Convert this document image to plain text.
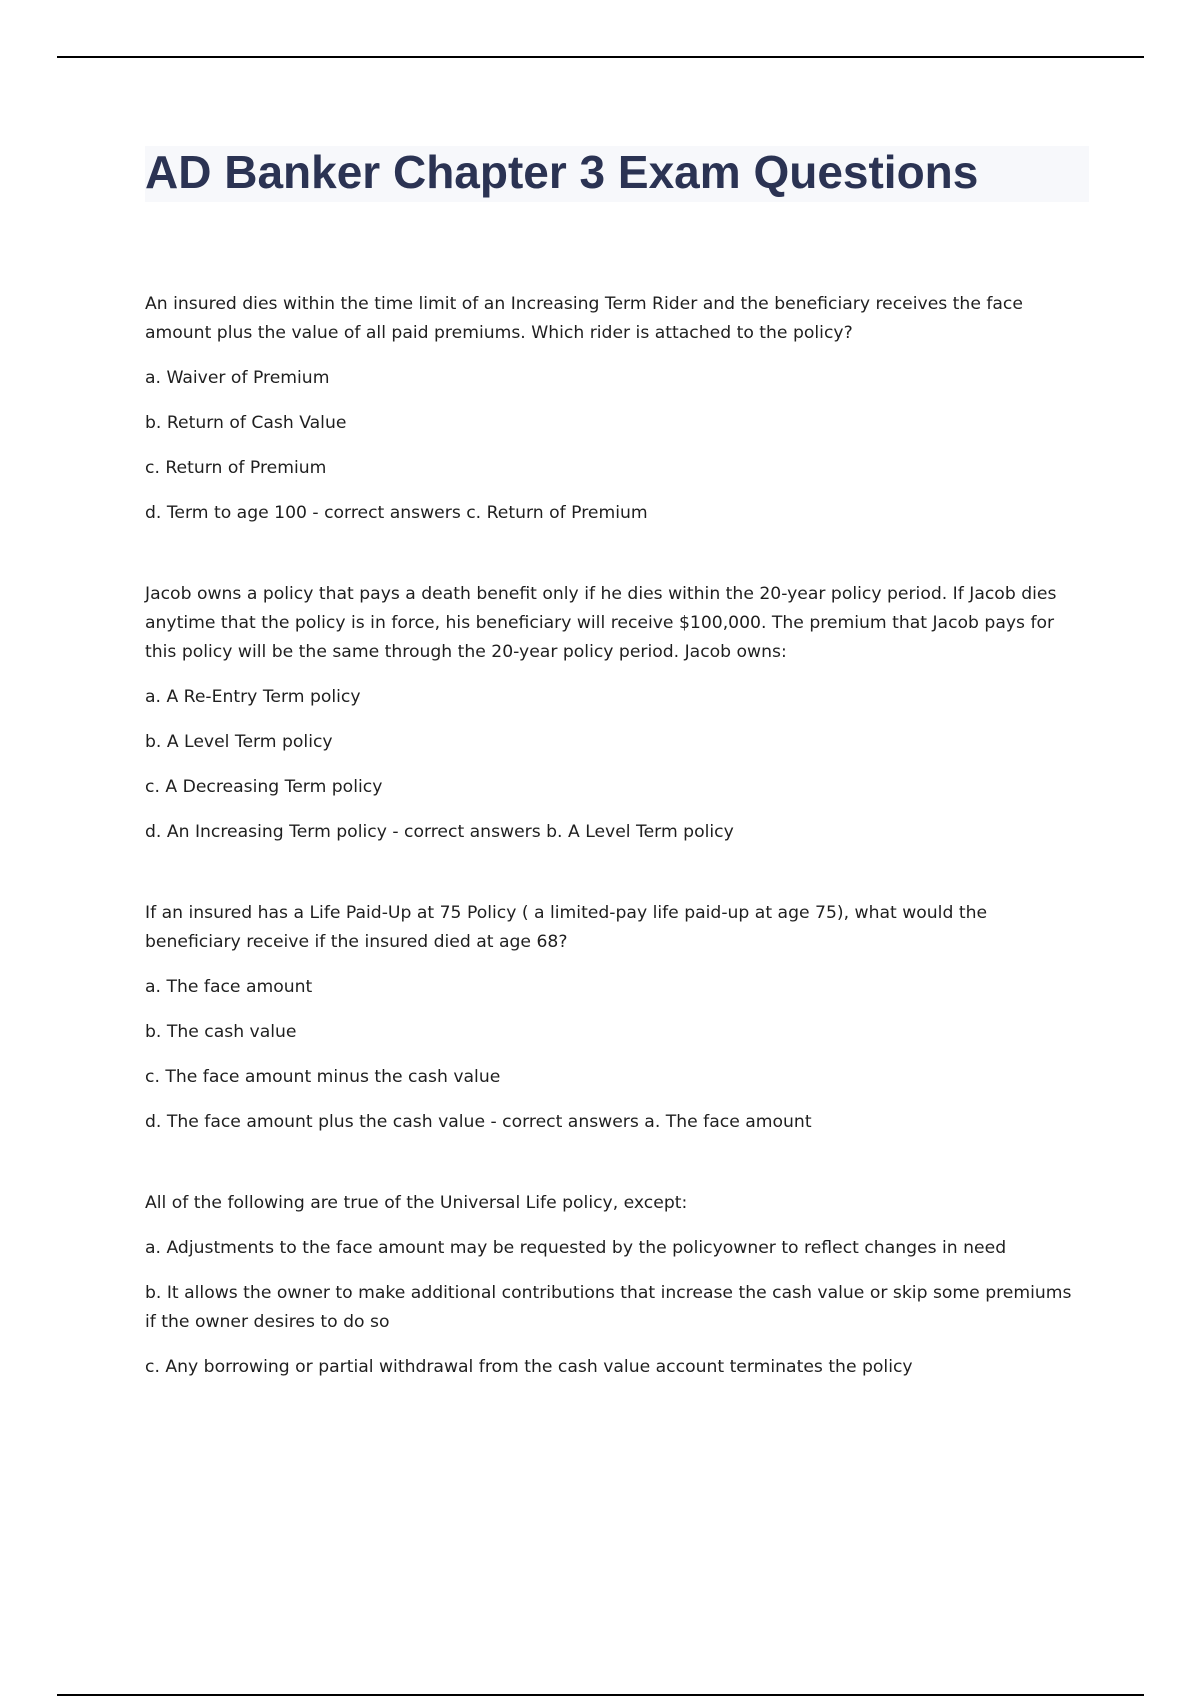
AD Banker Chapter 3 Exam Questions

An insured dies within the time limit of an Increasing Term Rider and the beneficiary receives the face amount plus the value of all paid premiums. Which rider is attached to the policy?

a. Waiver of Premium

b. Return of Cash Value

c. Return of Premium

d. Term to age 100 - correct answers c. Return of Premium

Jacob owns a policy that pays a death benefit only if he dies within the 20-year policy period. If Jacob dies anytime that the policy is in force, his beneficiary will receive $100,000. The premium that Jacob pays for this policy will be the same through the 20-year policy period. Jacob owns:

a. A Re-Entry Term policy

b. A Level Term policy

c. A Decreasing Term policy

d. An Increasing Term policy - correct answers b. A Level Term policy

If an insured has a Life Paid-Up at 75 Policy ( a limited-pay life paid-up at age 75), what would the beneficiary receive if the insured died at age 68?

a. The face amount

b. The cash value

c. The face amount minus the cash value

d. The face amount plus the cash value - correct answers a. The face amount

All of the following are true of the Universal Life policy, except:

a. Adjustments to the face amount may be requested by the policyowner to reflect changes in need

b. It allows the owner to make additional contributions that increase the cash value or skip some premiums if the owner desires to do so

c. Any borrowing or partial withdrawal from the cash value account terminates the policy
